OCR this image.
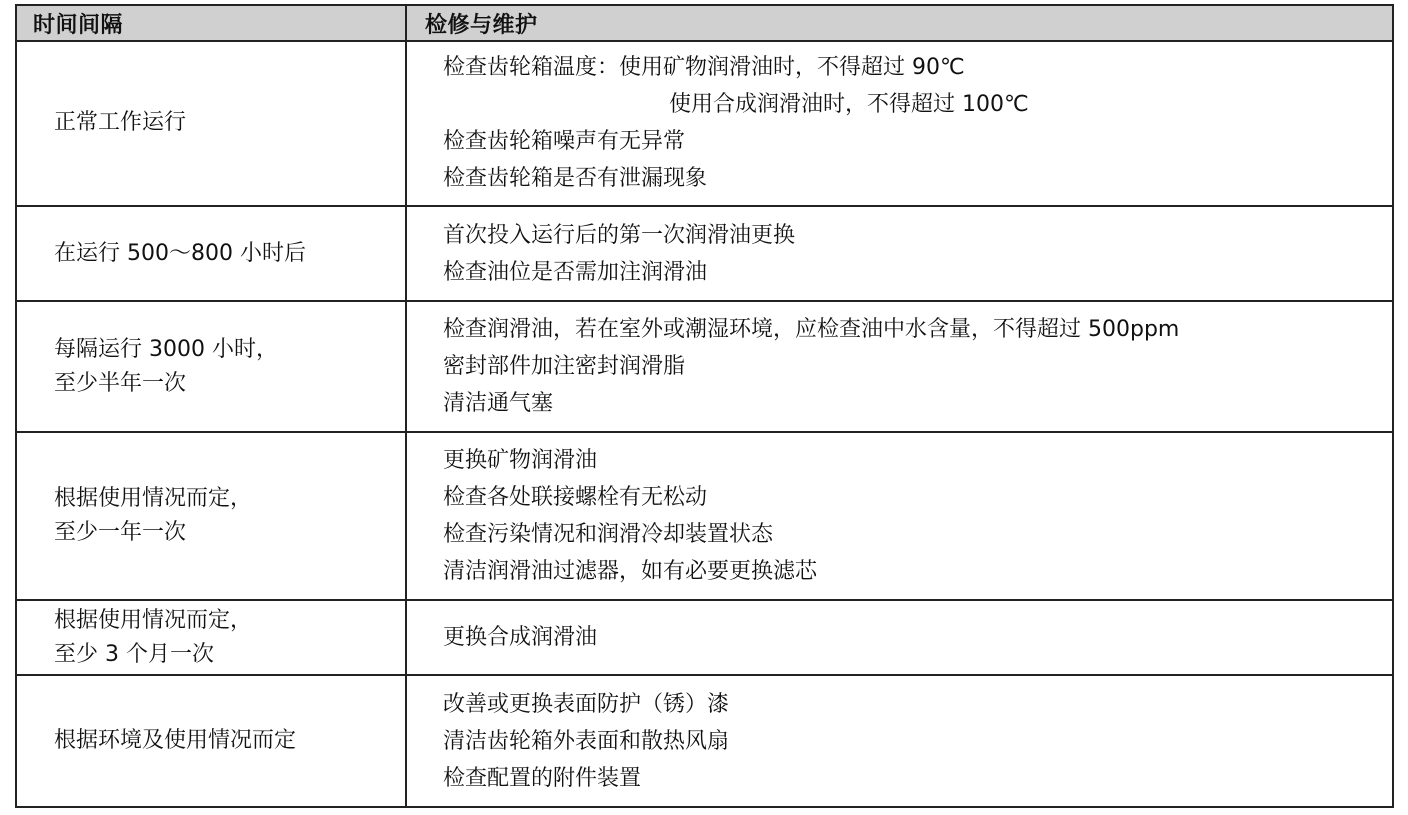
时间间隔	检修与维护

正常工作运行	检查齿轮箱温度：使用矿物润滑油时，不得超过 90℃
使用合成润滑油时，不得超过 100℃
检查齿轮箱噪声有无异常
检查齿轮箱是否有泄漏现象

在运行 500～800 小时后	首次投入运行后的第一次润滑油更换
检查油位是否需加注润滑油

每隔运行 3000 小时，
至少半年一次	检查润滑油，若在室外或潮湿环境，应检查油中水含量，不得超过 500ppm
密封部件加注密封润滑脂
清洁通气塞

根据使用情况而定，
至少一年一次	更换矿物润滑油
检查各处联接螺栓有无松动
检查污染情况和润滑冷却装置状态
清洁润滑油过滤器，如有必要更换滤芯

根据使用情况而定，
至少 3 个月一次	更换合成润滑油

根据环境及使用情况而定	改善或更换表面防护（锈）漆
清洁齿轮箱外表面和散热风扇
检查配置的附件装置
